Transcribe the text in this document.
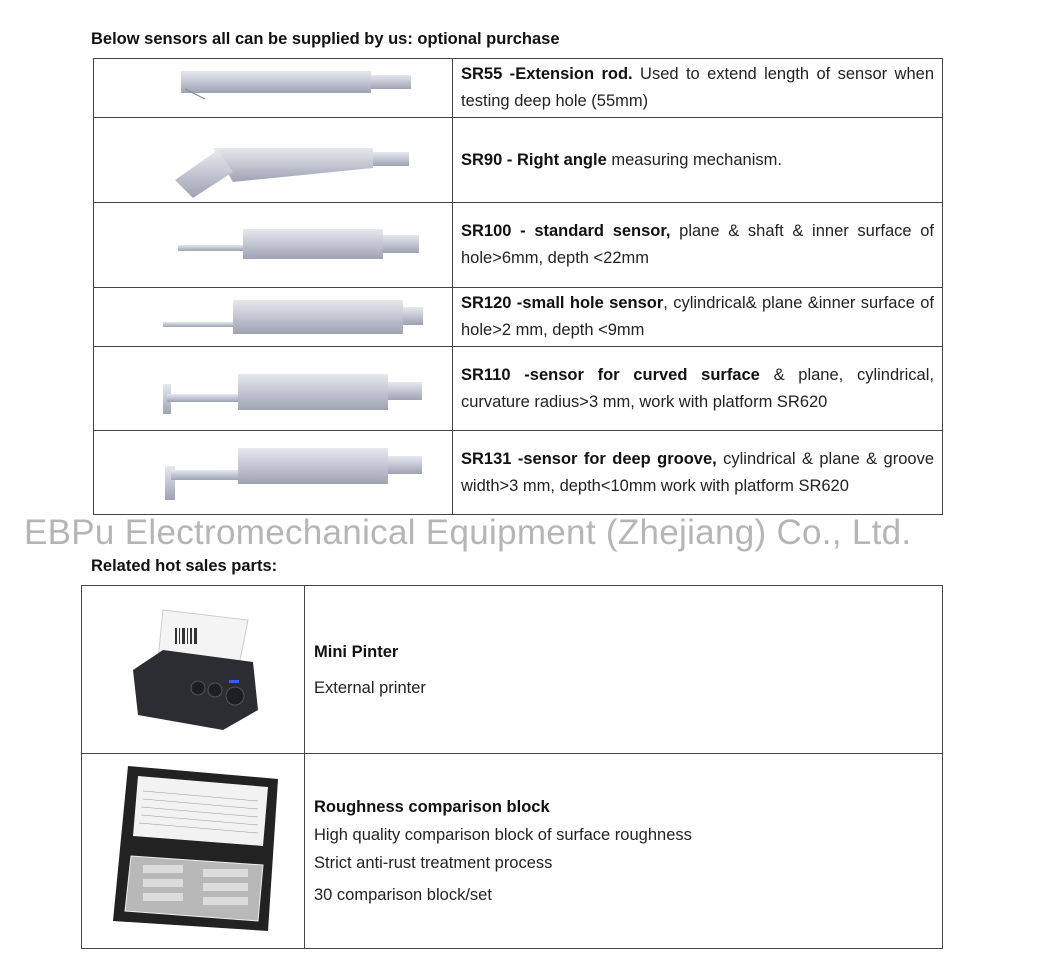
Below sensors all can be supplied by us: optional purchase
	SR55 -Extension rod. Used to extend length of sensor when testing deep hole (55mm)

	SR90 - Right angle measuring mechanism.

	SR100 - standard sensor, plane & shaft & inner surface of hole>6mm, depth <22mm

	SR120 -small hole sensor, cylindrical& plane &inner surface of hole>2 mm, depth <9mm

	SR110 -sensor for curved surface & plane, cylindrical, curvature radius>3 mm, work with platform SR620

	SR131 -sensor for deep groove, cylindrical & plane & groove width>3 mm, depth<10mm work with platform SR620
EBPu Electromechanical Equipment (Zhejiang) Co., Ltd.
Related hot sales parts:

Mini Pinter
External printer

Roughness comparison block
High quality comparison block of surface roughness
Strict anti-rust treatment process
30 comparison block/set
